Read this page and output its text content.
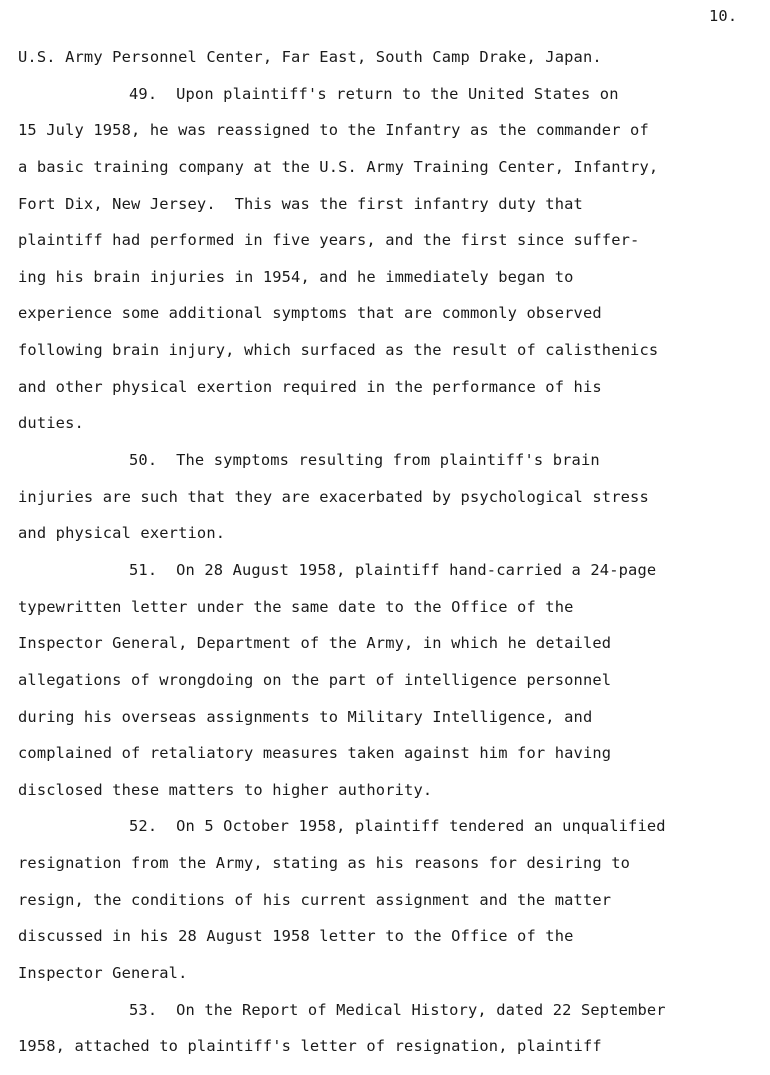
10.
U.S. Army Personnel Center, Far East, South Camp Drake, Japan.
49.  Upon plaintiff's return to the United States on
15 July 1958, he was reassigned to the Infantry as the commander of
a basic training company at the U.S. Army Training Center, Infantry,
Fort Dix, New Jersey.  This was the first infantry duty that
plaintiff had performed in five years, and the first since suffer-
ing his brain injuries in 1954, and he immediately began to
experience some additional symptoms that are commonly observed
following brain injury, which surfaced as the result of calisthenics
and other physical exertion required in the performance of his
duties.
50.  The symptoms resulting from plaintiff's brain
injuries are such that they are exacerbated by psychological stress
and physical exertion.
51.  On 28 August 1958, plaintiff hand-carried a 24-page
typewritten letter under the same date to the Office of the
Inspector General, Department of the Army, in which he detailed
allegations of wrongdoing on the part of intelligence personnel
during his overseas assignments to Military Intelligence, and
complained of retaliatory measures taken against him for having
disclosed these matters to higher authority.
52.  On 5 October 1958, plaintiff tendered an unqualified
resignation from the Army, stating as his reasons for desiring to
resign, the conditions of his current assignment and the matter
discussed in his 28 August 1958 letter to the Office of the
Inspector General.
53.  On the Report of Medical History, dated 22 September
1958, attached to plaintiff's letter of resignation, plaintiff
